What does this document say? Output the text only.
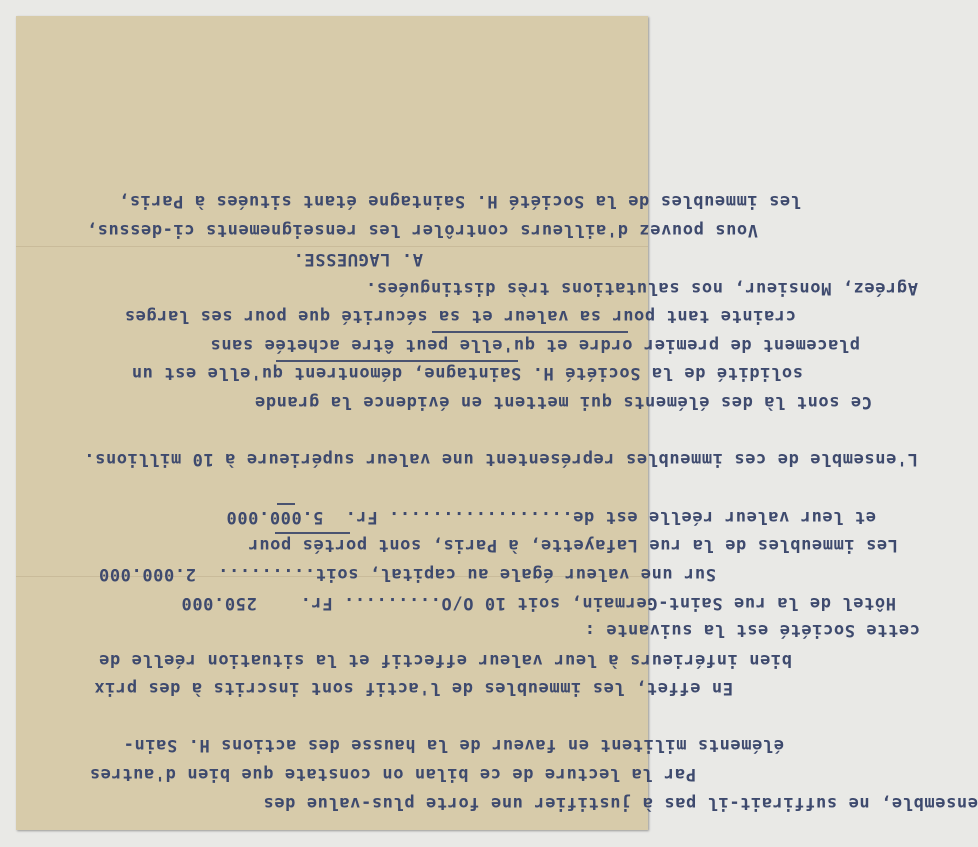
ensemble, ne suffirait-il pas à justifier une forte plus-value des
Par la lecture de ce bilan on constate que bien d'autres
éléments militent en faveur de la hausse des actions H. Sain-
En effet, les immeubles de l'actif sont inscrits à des prix
bien inférieurs à leur valeur effectif et la situation réelle de
cette Société est la suivante :
Hôtel de la rue Saint-Germain, soit 10 O/O......... Fr.    250.000
Sur une valeur égale au capital, soit.........  2.000.000
Les immeubles de la rue Lafayette, à Paris, sont portés pour
et leur valeur réelle est de................. Fr.  5.000.000
L'ensemble de ces immeubles représentent une valeur supérieure à 10 millions.
Ce sont là des éléments qui mettent en évidence la grande
solidité de la Société H. Saintagne, démontrent qu'elle est un
placement de premier ordre et qu'elle peut être achetée sans
crainte tant pour sa valeur et sa sécurité que pour ses larges
Agréez, Monsieur, nos salutations très distinguées.
A. LAGUESSE.
Vous pouvez d'ailleurs contrôler les renseignements ci-dessus,
les immeubles de la Société H. Saintagne étant situées à Paris,
